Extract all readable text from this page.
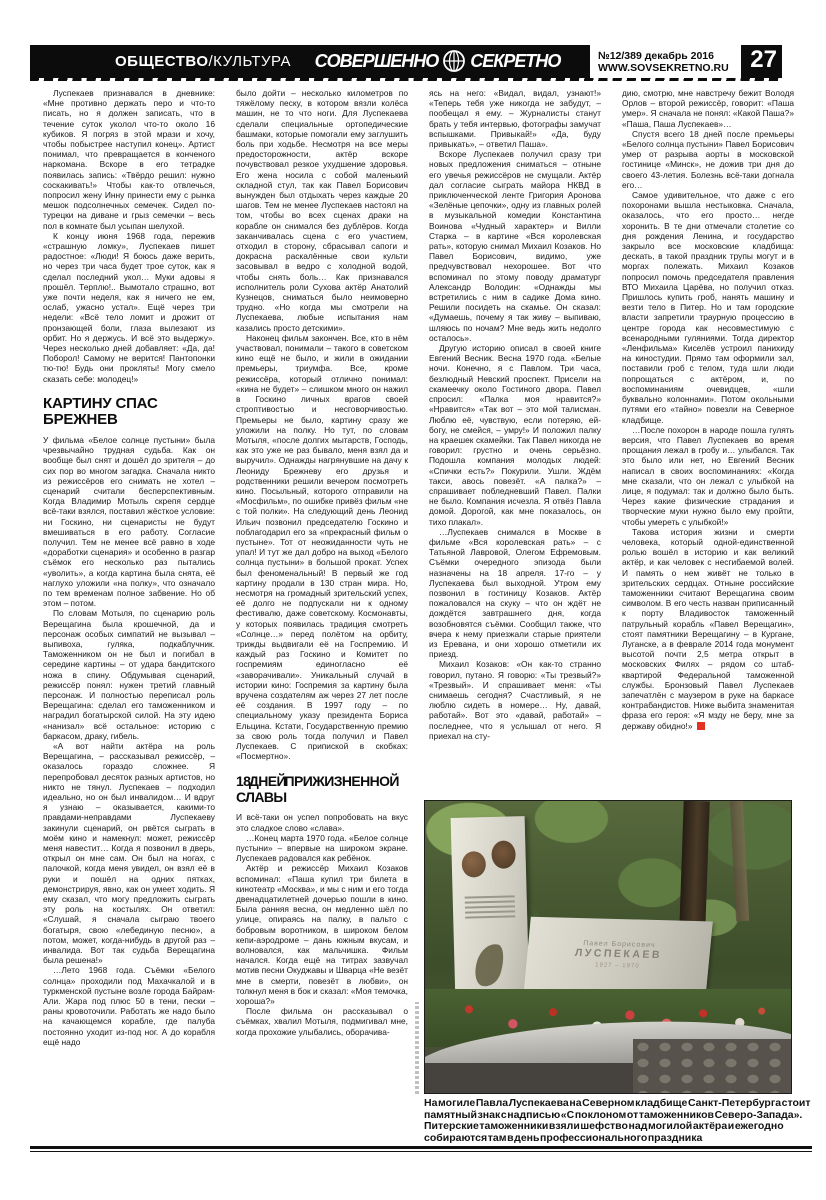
ОБЩЕСТВО/КУЛЬТУРА СОВЕРШЕННО СЕКРЕТНО	№12/389 декабрь 2016
WWW.SOVSEKRETNO.RU 27

Луспекаев признавался в дневнике: «Мне противно держать перо и что-то писать, но я должен записать, что в течение суток уколол что-то около 16 кубиков. Я погряз в этой мрази и хочу, чтобы побыстрее наступил конец». Артист понимал, что превращается в конченого наркомана. Вскоре в его тетрадке появилась запись: «Твёрдо решил: нужно соскакивать!» Чтобы как-то отвлечься, попросил жену Инну принести ему с рынка мешок подсолнечных семечек. Сидел по-турецки на диване и грыз семечки – весь пол в комнате был усыпан шелухой.

К концу июня 1968 года, пережив «страшную ломку», Луспекаев пишет радостное: «Люди! Я боюсь даже верить, но через три часа будет трое суток, как я сделал последний укол… Муки адовы я прошёл. Терплю!.. Вымотало страшно, вот уже почти неделя, как я ничего не ем, ослаб, ужасно устал». Ещё через три недели: «Всё тело ломит и дрожит от пронзающей боли, глаза вылезают из орбит. Но я держусь. И всё это выдержу». Через несколько дней добавляет: «Да, да! Поборол! Самому не верится! Пантопонки тю-тю! Будь они прокляты! Могу смело сказать себе: молодец!»

КАРТИНУ СПАС БРЕЖНЕВ

У фильма «Белое солнце пустыни» была чрезвычайно трудная судьба. Как он вообще был снят и дошёл до зрителя – до сих пор во многом загадка. Сначала никто из режиссёров его снимать не хотел – сценарий считали бесперспективным. Когда Владимир Мотыль скрепя сердце всё-таки взялся, поставил жёсткое условие: ни Госкино, ни сценаристы не будут вмешиваться в его работу. Согласие получил. Тем не менее всё равно в ходе «доработки сценария» и особенно в разгар съёмок его несколько раз пытались «уволить», а когда картина была снята, её наглухо уложили «на полку», что означало по тем временам полное забвение. Но об этом – потом.

По словам Мотыля, по сценарию роль Верещагина была крошечной, да и персонаж особых симпатий не вызывал – выпивоха, гуляка, подкаблучник. Таможенником он не был и погибал в середине картины – от удара бандитского ножа в спину. Обдумывая сценарий, режиссёр понял: нужен третий главный персонаж. И полностью переписал роль Верещагина: сделал его таможенником и наградил богатырской силой. На эту идею «нанизал» всё остальное: историю с баркасом, драку, гибель.

«А вот найти актёра на роль Верещагина, – рассказывал режиссёр, – оказалось гораздо сложнее. Я перепробовал десяток разных артистов, но никто не тянул. Луспекаев – подходил идеально, но он был инвалидом… И вдруг я узнаю – оказывается, какими-то правдами-неправдами Луспекаеву закинули сценарий, он рвётся сыграть в моём кино и намекнул: может, режиссёр меня навестит… Когда я позвонил в дверь, открыл он мне сам. Он был на ногах, с палочкой, когда меня увидел, он взял её в руки и пошёл на одних пятках, демонстрируя, явно, как он умеет ходить. Я ему сказал, что могу предложить сыграть эту роль на костылях. Он ответил: «Слушай, я сначала сыграю твоего богатыря, свою «лебединую песню», а потом, может, когда-нибудь в другой раз – инвалида. Вот так судьба Верещагина была решена!»

…Лето 1968 года. Съёмки «Белого солнца» проходили под Махачкалой и в туркменской пустыне возле города Байрам-Али. Жара под плюс 50 в тени, пески – раны кровоточили. Работать же надо было на качающемся корабле, где палуба постоянно уходит из-под ног. А до корабля ещё надо

было дойти – несколько километров по тяжёлому песку, в котором вязли колёса машин, не то что ноги. Для Луспекаева сделали специальные ортопедические башмаки, которые помогали ему заглушить боль при ходьбе. Несмотря на все меры предосторожности, актёр вскоре почувствовал резкое ухудшение здоровья. Его жена носила с собой маленький складной стул, так как Павел Борисович вынужден был отдыхать через каждые 20 шагов. Тем не менее Луспекаев настоял на том, чтобы во всех сценах драки на корабле он снимался без дублёров. Когда заканчивалась сцена с его участием, отходил в сторону, сбрасывал сапоги и докрасна раскалённые свои культи засовывал в ведро с холодной водой, чтобы снять боль… Как признавался исполнитель роли Сухова актёр Анатолий Кузнецов, сниматься было неимоверно трудно. «Но когда мы смотрели на Луспекаева, любые испытания нам казались просто детскими».

Наконец фильм закончен. Все, кто в нём участвовал, понимали – такого в советском кино ещё не было, и жили в ожидании премьеры, триумфа. Все, кроме режиссёра, который отлично понимал: «кина не будет» – слишком много он нажил в Госкино личных врагов своей строптивостью и несговорчивостью. Премьеры не было, картину сразу же уложили на полку. Но тут, по словам Мотыля, «после долгих мытарств, Господь, как это уже не раз бывало, меня взял да и выручил». Однажды нагрянувшие на дачу к Леониду Брежневу его друзья и родственники решили вечером посмотреть кино. Посыльный, которого отправили на «Мосфильм», по ошибке привёз фильм «не с той полки». На следующий день Леонид Ильич позвонил председателю Госкино и поблагодарил его за «прекрасный фильм о пустыне». Тот от неожиданности чуть не упал! И тут же дал добро на выход «Белого солнца пустыни» в большой прокат. Успех был феноменальный! В первый же год картину продали в 130 стран мира. Но, несмотря на громадный зрительский успех, её долго не подпускали ни к одному фестивалю, даже советскому. Космонавты, у которых появилась традиция смотреть «Солнце…» перед полётом на орбиту, трижды выдвигали её на Госпремию. И каждый раз Госкино и Комитет по госпремиям единогласно её «заворачивали». Уникальный случай в истории кино: Госпремия за картину была вручена создателям аж через 27 лет после её создания. В 1997 году – по специальному указу президента Бориса Ельцина. Кстати, Государственную премию за свою роль тогда получил и Павел Луспекаев. С припиской в скобках: «Посмертно».

18 ДНЕЙ ПРИЖИЗНЕННОЙ СЛАВЫ

И всё-таки он успел попробовать на вкус это сладкое слово «слава».

…Конец марта 1970 года. «Белое солнце пустыни» – впервые на широком экране. Луспекаев радовался как ребёнок.

Актёр и режиссёр Михаил Козаков вспоминал: «Паша купил три билета в кинотеатр «Москва», и мы с ним и его тогда двенадцатилетней дочерью пошли в кино. Была ранняя весна, он медленно шёл по улице, опираясь на палку, в пальто с бобровым воротником, в широком белом кепи-аэродроме – дань южным вкусам, и волновался, как мальчишка. Фильм начался. Когда ещё на титрах зазвучал мотив песни Окуджавы и Шварца «Не везёт мне в смерти, повезёт в любви», он толкнул меня в бок и сказал: «Моя темочка, хороша?»

После фильма он рассказывал о съёмках, хвалил Мотыля, подмигивал мне, когда прохожие улыбались, оборачива-

ясь на него: «Видал, видал, узнают!» «Теперь тебя уже никогда не забудут, – пообещал я ему. – Журналисты станут брать у тебя интервью, фотографы замучат вспышками. Привыкай!» «Да, буду привыкать», – ответил Паша».

Вскоре Луспекаев получил сразу три новых предложения сниматься – отныне его увечья режиссёров не смущали. Актёр дал согласие сыграть майора НКВД в приключенческой ленте Григория Аронова «Зелёные цепочки», одну из главных ролей в музыкальной комедии Константина Воинова «Чудный характер» и Вилли Старка – в картине «Вся королевская рать», которую снимал Михаил Козаков. Но Павел Борисович, видимо, уже предчувствовал нехорошее. Вот что вспоминал по этому поводу драматург Александр Володин: «Однажды мы встретились с ним в садике Дома кино. Решили посидеть на скамье. Он сказал: «Думаешь, почему я так живу – выпиваю, шляюсь по ночам? Мне ведь жить недолго осталось».

Другую историю описал в своей книге Евгений Весник. Весна 1970 года. «Белые ночи. Конечно, я с Павлом. Три часа, безлюдный Невский проспект. Присели на скамеечку около Гостиного двора. Павел спросил: «Палка моя нравится?» «Нравится» «Так вот – это мой талисман. Люблю её, чувствую, если потеряю, ей-богу, не смейся, – умру!» И положил палку на краешек скамейки. Так Павел никогда не говорил: грустно и очень серьёзно. Подошла компания молодых людей: «Спички есть?» Покурили. Ушли. Ждём такси, авось повезёт. «А палка?» – спрашивает побледневший Павел. Палки не было. Компания исчезла. Я отвёз Павла домой. Дорогой, как мне показалось, он тихо плакал».

…Луспекаев снимался в Москве в фильме «Вся королевская рать» – с Татьяной Лавровой, Олегом Ефремовым. Съёмки очередного эпизода были назначены на 18 апреля. 17-го – у Луспекаева был выходной. Утром ему позвонил в гостиницу Козаков. Актёр пожаловался на скуку – что он ждёт не дождётся завтрашнего дня, когда возобновятся съёмки. Сообщил также, что вчера к нему приезжали старые приятели из Еревана, и они хорошо отметили их приезд.

Михаил Козаков: «Он как-то странно говорил, путано. Я говорю: «Ты трезвый?» «Трезвый». И спрашивает меня: «Ты снимаешь сегодня? Счастливый, я не люблю сидеть в номере… Ну, давай, работай». Вот это «давай, работай» – последнее, что я услышал от него. Я приехал на сту-

дию, смотрю, мне навстречу бежит Володя Орлов – второй режиссёр, говорит: «Паша умер». Я сначала не понял: «Какой Паша?» «Паша, Паша Луспекаев»…

Спустя всего 18 дней после премьеры «Белого солнца пустыни» Павел Борисович умер от разрыва аорты в московской гостинице «Минск», не дожив три дня до своего 43-летия. Болезнь всё-таки догнала его…

Самое удивительное, что даже с его похоронами вышла нестыковка. Сначала, оказалось, что его просто… негде хоронить. В те дни отмечали столетие со дня рождения Ленина, и государство закрыло все московские кладбища: дескать, в такой праздник трупы могут и в моргах полежать. Михаил Козаков попросил помочь председателя правления ВТО Михаила Царёва, но получил отказ. Пришлось купить гроб, нанять машину и везти тело в Питер. Но и там городские власти запретили траурную процессию в центре города как несовместимую с всенародными гуляниями. Тогда директор «Ленфильма» Киселёв устроил панихиду на киностудии. Прямо там оформили зал, поставили гроб с телом, туда шли люди попрощаться с актёром, и, по воспоминаниям очевидцев, «шли буквально колоннами». Потом окольными путями его «тайно» повезли на Северное кладбище.

…После похорон в народе пошла гулять версия, что Павел Луспекаев во время прощания лежал в гробу и… улыбался. Так это было или нет, но Евгений Весник написал в своих воспоминаниях: «Когда мне сказали, что он лежал с улыбкой на лице, я подумал: так и должно было быть. Через какие физические страдания и творческие муки нужно было ему пройти, чтобы умереть с улыбкой!»

Такова история жизни и смерти человека, который одной-единственной ролью вошёл в историю и как великий актёр, и как человек с несгибаемой волей. И память о нем живёт не только в зрительских сердцах. Отныне российские таможенники считают Верещагина своим символом. В его честь назван приписанный к порту Владивосток таможенный патрульный корабль «Павел Верещагин», стоят памятники Верещагину – в Кургане, Луганске, а в феврале 2014 года монумент высотой почти 2,5 метра открыт в московских Филях – рядом со штаб-квартирой Федеральной таможенной службы. Бронзовый Павел Луспекаев запечатлён с маузером в руке на баркасе контрабандистов. Ниже выбита знаменитая фраза его героя: «Я мзду не беру, мне за державу обидно!»

Павел Борисович
ЛУСПЕКАЕВ
1927 – 1970
На могиле Павла Луспекаева на Северном кладбище Санкт-Петербурга стоит памятный знак с надписью «С поклоном от таможенников Северо-Запада». Питерские таможенники взяли шефство над могилой актёра и ежегодно собираются там в день профессионального праздника
